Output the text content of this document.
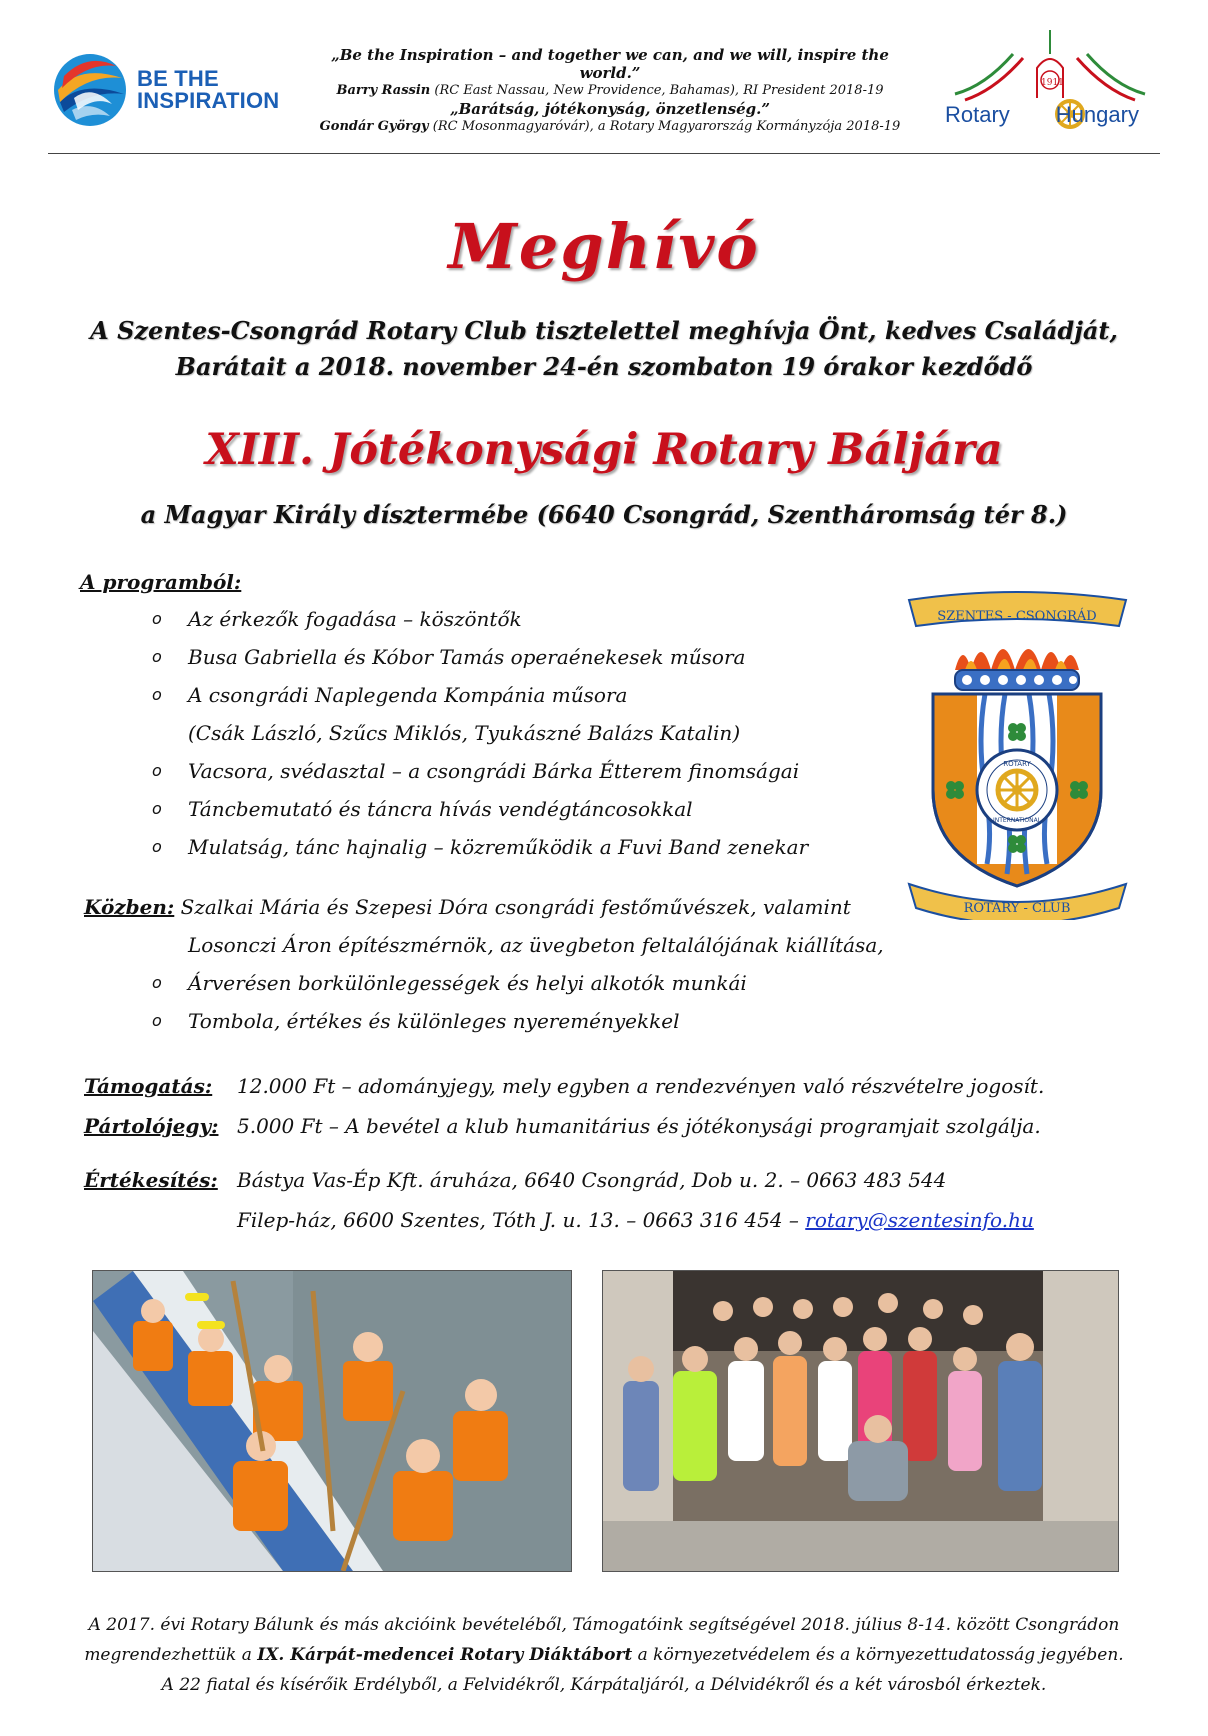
BE THE
INSPIRATION
„Be the Inspiration – and together we can, and we will, inspire the world.”
Barry Rassin (RC East Nassau, New Providence, Bahamas), RI President 2018-19
„Barátság, jótékonyság, önzetlenség.”
Gondár György (RC Mosonmagyaróvár), a Rotary Magyarország Kormányzója 2018-19
1911
Rotary Hungary
Meghívó
A Szentes-Csongrád Rotary Club tisztelettel meghívja Önt, kedves Családját,
Barátait a 2018. november 24-én szombaton 19 órakor kezdődő
XIII. Jótékonysági Rotary Báljára
a Magyar Király dísztermébe (6640 Csongrád, Szentháromság tér 8.)
A programból:
o Az érkezők fogadása – köszöntők
o Busa Gabriella és Kóbor Tamás operaénekesek műsora
o A csongrádi Naplegenda Kompánia műsora
(Csák László, Szűcs Miklós, Tyukászné Balázs Katalin)
o Vacsora, svédasztal – a csongrádi Bárka Étterem finomságai
o Táncbemutató és táncra hívás vendégtáncosokkal
o Mulatság, tánc hajnalig – közreműködik a Fuvi Band zenekar
Közben: Szalkai Mária és Szepesi Dóra csongrádi festőművészek, valamint
Losonczi Áron építészmérnök, az üvegbeton feltalálójának kiállítása,
o Árverésen borkülönlegességek és helyi alkotók munkái
o Tombola, értékes és különleges nyereményekkel
Támogatás: 12.000 Ft – adományjegy, mely egyben a rendezvényen való részvételre jogosít.
Pártolójegy: 5.000 Ft – A bevétel a klub humanitárius és jótékonysági programjait szolgálja.
Értékesítés: Bástya Vas-Ép Kft. áruháza, 6640 Csongrád, Dob u. 2. – 0663 483 544
Filep-ház, 6600 Szentes, Tóth J. u. 13. – 0663 316 454 – rotary@szentesinfo.hu
SZENTES - CSONGRÁD
ROTARY
INTERNATIONAL
ROTARY - CLUB
A 2017. évi Rotary Bálunk és más akcióink bevételéből, Támogatóink segítségével 2018. július 8-14. között Csongrádon
megrendezhettük a IX. Kárpát-medencei Rotary Diáktábort a környezetvédelem és a környezettudatosság jegyében.
A 22 fiatal és kísérőik Erdélyből, a Felvidékről, Kárpátaljáról, a Délvidékről és a két városból érkeztek.
